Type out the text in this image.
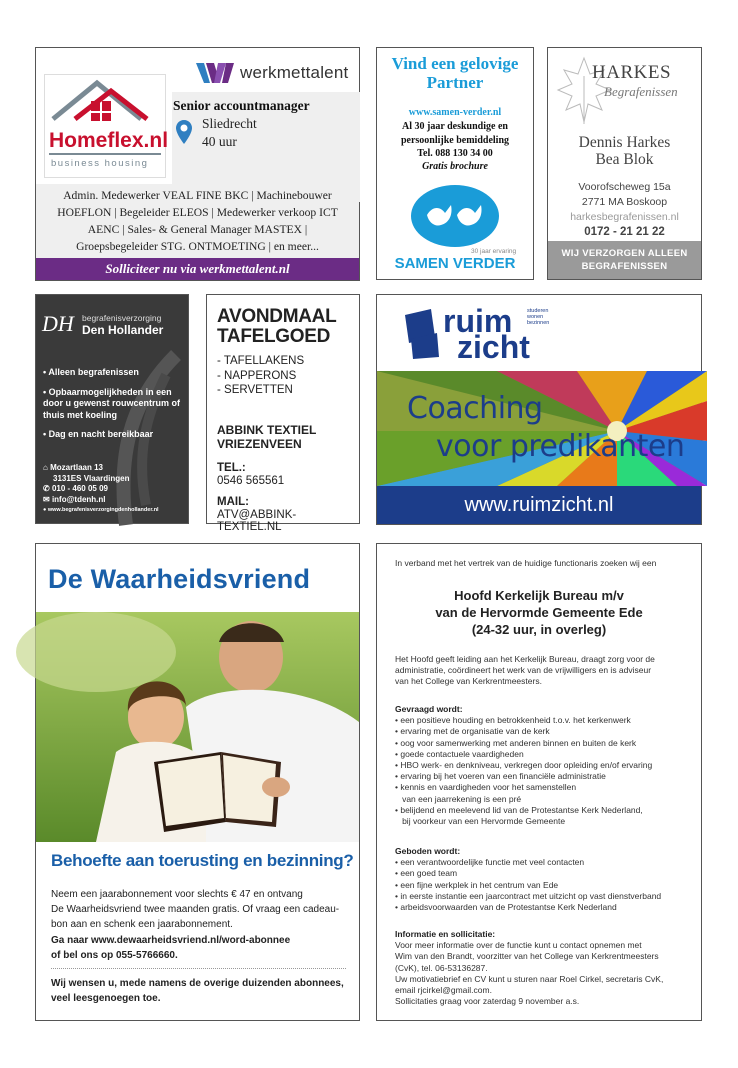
Homeflex.nl
business housing
werkmettalent
Senior accountmanager
Sliedrecht
40 uur
Admin. Medewerker VEAL FINE BKC | Machinebouwer
HOEFLON | Begeleider ELEOS | Medewerker verkoop ICT
AENC | Sales- & General Manager MASTEX |
Groepsbegeleider STG. ONTMOETING | en meer...
Solliciteer nu via werkmettalent.nl
Vind een gelovige Partner
www.samen-verder.nl
Al 30 jaar deskundige en
persoonlijke bemiddeling
Tel. 088 130 34 00
Gratis brochure
30 jaar ervaring
SAMEN VERDER
HARKES
Begrafenissen
Dennis Harkes
Bea Blok
Voorofscheweg 15a
2771 MA Boskoop
harkesbegrafenissen.nl
0172 - 21 21 22
WIJ VERZORGEN ALLEEN
BEGRAFENISSEN
DH begrafenisverzorging
Den Hollander
• Alleen begrafenissen
• Opbaarmogelijkheden in een door u gewenst rouwcentrum of thuis met koeling
• Dag en nacht bereikbaar
⌂ Mozartlaan 13
3131ES Vlaardingen
✆ 010 - 460 05 09
✉ info@tdenh.nl
● www.begrafenisverzorgingdenhollander.nl
AVONDMAAL
TAFELGOED
- TAFELLAKENS
- NAPPERONS
- SERVETTEN
ABBINK TEXTIEL
VRIEZENVEEN
TEL.:
0546 565561
MAIL:
ATV@ABBINK-TEXTIEL.NL
ruim
zicht
studeren
wonen
bezinnen
Coaching
voor predikanten
www.ruimzicht.nl
De Waarheidsvriend
Behoefte aan toerusting en bezinning?
Neem een jaarabonnement voor slechts € 47 en ontvang
De Waarheidsvriend twee maanden gratis. Of vraag een cadeau-
bon aan en schenk een jaarabonnement.
Ga naar www.dewaarheidsvriend.nl/word-abonnee
of bel ons op 055-5766660.
Wij wensen u, mede namens de overige duizenden abonnees,
veel leesgenoegen toe.
In verband met het vertrek van de huidige functionaris zoeken wij een
Hoofd Kerkelijk Bureau m/v
van de Hervormde Gemeente Ede
(24-32 uur, in overleg)
Het Hoofd geeft leiding aan het Kerkelijk Bureau, draagt zorg voor de
administratie, coördineert het werk van de vrijwilligers en is adviseur
van het College van Kerkrentmeesters.
Gevraagd wordt:
• een positieve houding en betrokkenheid t.o.v. het kerkenwerk
• ervaring met de organisatie van de kerk
• oog voor samenwerking met anderen binnen en buiten de kerk
• goede contactuele vaardigheden
• HBO werk- en denkniveau, verkregen door opleiding en/of ervaring
• ervaring bij het voeren van een financiële administratie
• kennis en vaardigheden voor het samenstellen
van een jaarrekening is een pré
• belijdend en meelevend lid van de Protestantse Kerk Nederland,
bij voorkeur van een Hervormde Gemeente
Geboden wordt:
• een verantwoordelijke functie met veel contacten
• een goed team
• een fijne werkplek in het centrum van Ede
• in eerste instantie een jaarcontract met uitzicht op vast dienstverband
• arbeidsvoorwaarden van de Protestantse Kerk Nederland
Informatie en sollicitatie:
Voor meer informatie over de functie kunt u contact opnemen met
Wim van den Brandt, voorzitter van het College van Kerkrentmeesters
(CvK), tel. 06-53136287.
Uw motivatiebrief en CV kunt u sturen naar Roel Cirkel, secretaris CvK,
email rjcirkel@gmail.com.
Sollicitaties graag voor zaterdag 9 november a.s.
